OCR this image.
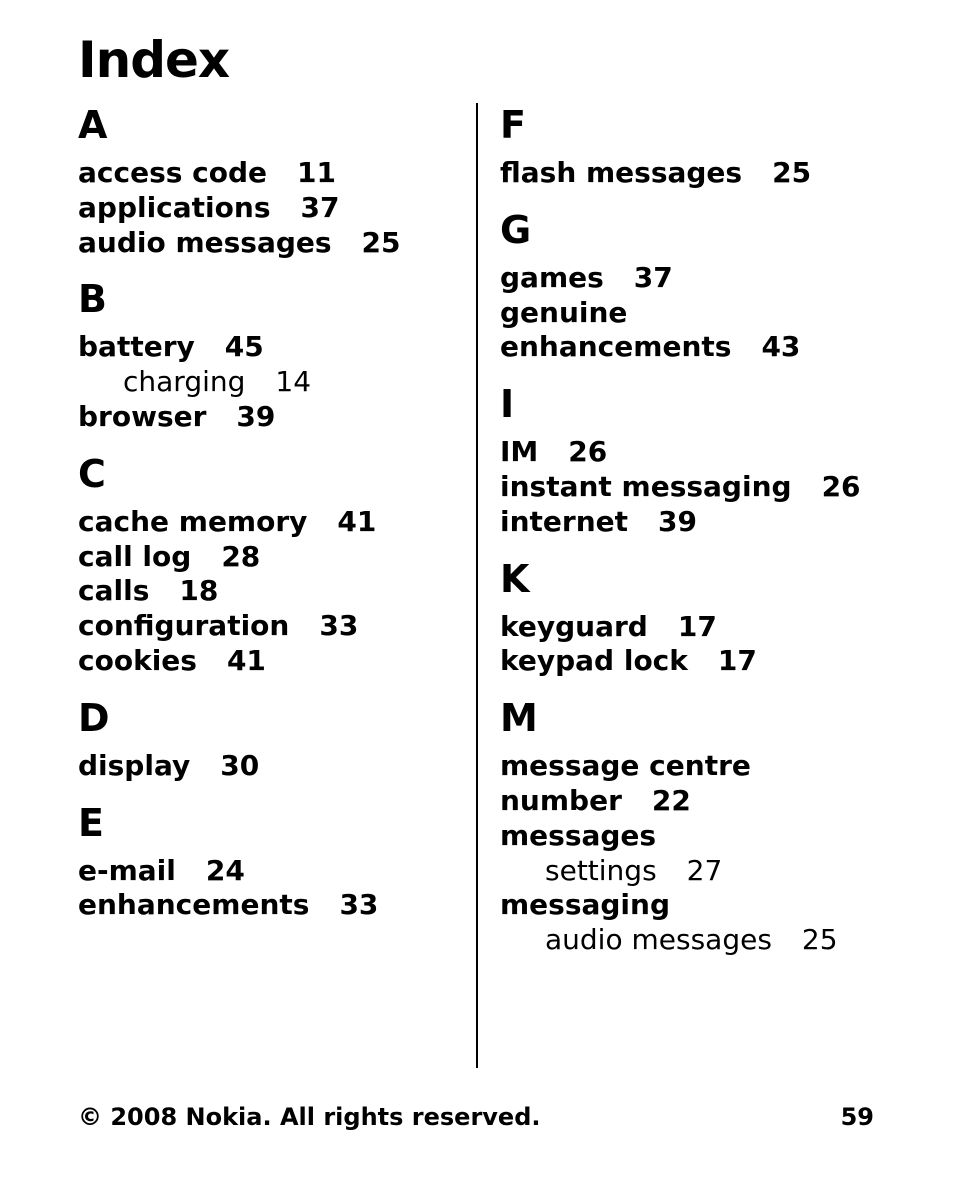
Index
A
access code 11
applications 37
audio messages 25
B
battery 45
charging 14
browser 39
C
cache memory 41
call log 28
calls 18
configuration 33
cookies 41
D
display 30
E
e-mail 24
enhancements 33
F
flash messages 25
G
games 37
genuine
enhancements 43
I
IM 26
instant messaging 26
internet 39
K
keyguard 17
keypad lock 17
M
message centre
number 22
messages
settings 27
messaging
audio messages 25
© 2008 Nokia. All rights reserved.	59
